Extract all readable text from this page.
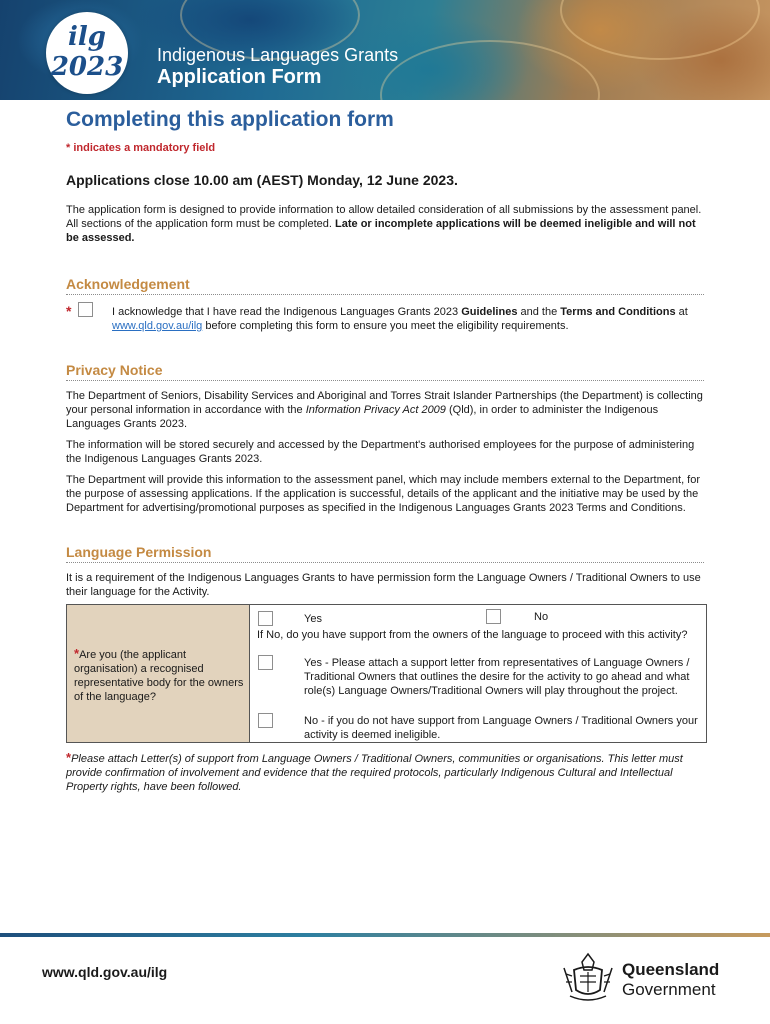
ilg
2023 Indigenous Languages Grants
Application Form
Completing this application form
* indicates a mandatory field
Applications close 10.00 am (AEST) Monday, 12 June 2023.
The application form is designed to provide information to allow detailed consideration of all submissions by the assessment panel. All sections of the application form must be completed. Late or incomplete applications will be deemed ineligible and will not be assessed.
Acknowledgement
*	I acknowledge that I have read the Indigenous Languages Grants 2023 Guidelines and the Terms and Conditions at www.qld.gov.au/ilg before completing this form to ensure you meet the eligibility requirements.
Privacy Notice
The Department of Seniors, Disability Services and Aboriginal and Torres Strait Islander Partnerships (the Department) is collecting your personal information in accordance with the Information Privacy Act 2009 (Qld), in order to administer the Indigenous Languages Grants 2023.
The information will be stored securely and accessed by the Department's authorised employees for the purpose of administering the Indigenous Languages Grants 2023.
The Department will provide this information to the assessment panel, which may include members external to the Department, for the purpose of assessing applications. If the application is successful, details of the applicant and the initiative may be used by the Department for advertising/promotional purposes as specified in the Indigenous Languages Grants 2023 Terms and Conditions.
Language Permission
It is a requirement of the Indigenous Languages Grants to have permission form the Language Owners / Traditional Owners to use their language for the Activity.
*Are you (the applicant organisation) a recognised representative body for the owners of the language?
Yes	No
If No, do you have support from the owners of the language to proceed with this activity?
Yes - Please attach a support letter from representatives of Language Owners / Traditional Owners that outlines the desire for the activity to go ahead and what role(s) Language Owners/Traditional Owners will play throughout the project.
No - if you do not have support from Language Owners / Traditional Owners your activity is deemed ineligible.
*Please attach Letter(s) of support from Language Owners / Traditional Owners, communities or organisations. This letter must provide confirmation of involvement and evidence that the required protocols, particularly Indigenous Cultural and Intellectual Property rights, have been followed.
www.qld.gov.au/ilg	Queensland
Government
